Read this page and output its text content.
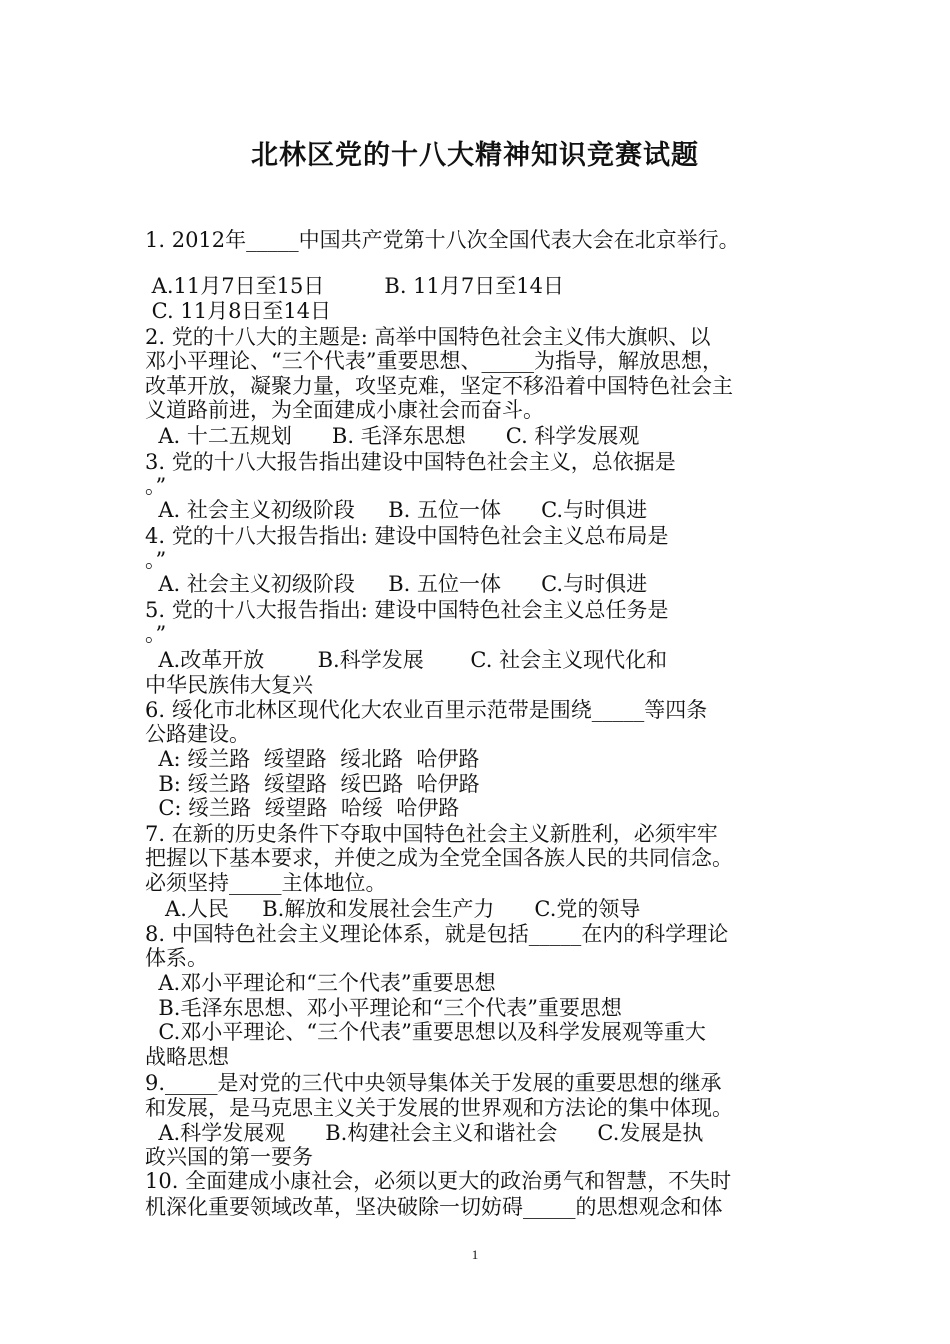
北林区党的十八大精神知识竞赛试题
1. 2012年_____中国共产党第十八次全国代表大会在北京举行。
A.11月7日至15日         B. 11月7日至14日
C. 11月8日至14日
2. 党的十八大的主题是: 高举中国特色社会主义伟大旗帜、以
邓小平理论、“三个代表”重要思想、_____为指导，解放思想，
改革开放，凝聚力量，攻坚克难，坚定不移沿着中国特色社会主
义道路前进，为全面建成小康社会而奋斗。
A. 十二五规划      B. 毛泽东思想      C. 科学发展观
3. 党的十八大报告指出建设中国特色社会主义，总依据是
。”
A. 社会主义初级阶段     B. 五位一体      C.与时俱进
4. 党的十八大报告指出: 建设中国特色社会主义总布局是
。”
A. 社会主义初级阶段     B. 五位一体      C.与时俱进
5. 党的十八大报告指出: 建设中国特色社会主义总任务是
。”
A.改革开放        B.科学发展       C. 社会主义现代化和
中华民族伟大复兴
6. 绥化市北林区现代化大农业百里示范带是围绕_____等四条
公路建设。
A: 绥兰路  绥望路  绥北路  哈伊路
B: 绥兰路  绥望路  绥巴路  哈伊路
C: 绥兰路  绥望路  哈绥  哈伊路
7. 在新的历史条件下夺取中国特色社会主义新胜利，必须牢牢
把握以下基本要求，并使之成为全党全国各族人民的共同信念。
必须坚持_____主体地位。
A.人民     B.解放和发展社会生产力      C.党的领导
8. 中国特色社会主义理论体系，就是包括_____在内的科学理论
体系。
A.邓小平理论和“三个代表”重要思想
B.毛泽东思想、邓小平理论和“三个代表”重要思想
C.邓小平理论、“三个代表”重要思想以及科学发展观等重大
战略思想
9._____是对党的三代中央领导集体关于发展的重要思想的继承
和发展，是马克思主义关于发展的世界观和方法论的集中体现。
A.科学发展观      B.构建社会主义和谐社会      C.发展是执
政兴国的第一要务
10. 全面建成小康社会，必须以更大的政治勇气和智慧，不失时
机深化重要领域改革，坚决破除一切妨碍_____的思想观念和体
1
